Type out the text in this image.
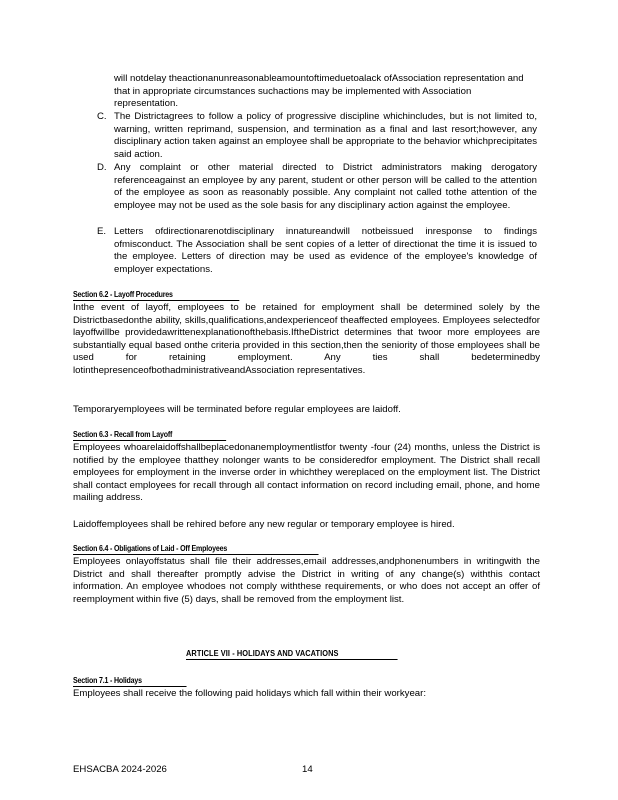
will notdelay theactionanunreasonableamountoftimeduetoalack ofAssociation representation and that in appropriate circumstances suchactions may be implemented with Association representation.

C. The Districtagrees to follow a policy of progressive discipline whichincludes, but is not limited to, warning, written reprimand, suspension, and termination as a final and last resort;however, any disciplinary action taken against an employee shall be appropriate to the behavior whichprecipitates said action.

D. Any complaint or other material directed to District administrators making derogatory referenceagainst an employee by any parent, student or other person will be called to the attention of the employee as soon as reasonably possible. Any complaint not called tothe attention of the employee may not be used as the sole basis for any disciplinary action against the employee.

E. Letters ofdirectionarenotdisciplinary innatureandwill notbeissued inresponse to findings ofmisconduct. The Association shall be sent copies of a letter of directionat the time it is issued to the employee. Letters of direction may be used as evidence of the employee's knowledge of employer expectations.

Section 6.2 - Layoff Procedures

Inthe event of layoff, employees to be retained for employment shall be determined solely by the Districtbasedonthe ability, skills,qualifications,andexperienceof theaffected employees. Employees selectedfor layoffwillbe providedawrittenexplanationofthebasis.IftheDistrict determines that twoor more employees are substantially equal based onthe criteria provided in this section,then the seniority of those employees shall be used for retaining employment. Any ties shall bedeterminedby lotinthepresenceofbothadministrativeandAssociation representatives.

Temporaryemployees will be terminated before regular employees are laidoff.

Section 6.3 - Recall from Layoff

Employees whoarelaidoffshallbeplacedonanemploymentlistfor twenty -four (24) months, unless the District is notified by the employee thatthey nolonger wants to be consideredfor employment. The District shall recall employees for employment in the inverse order in whichthey wereplaced on the employment list. The District shall contact employees for recall through all contact information on record including email, phone, and home mailing address.

Laidoffemployees shall be rehired before any new regular or temporary employee is hired.

Section 6.4 - Obligations of Laid - Off Employees

Employees onlayoffstatus shall file their addresses,email addresses,andphonenumbers in writingwith the District and shall thereafter promptly advise the District in writing of any change(s) withthis contact information. An employee whodoes not comply withthese requirements, or who does not accept an offer of reemployment within five (5) days, shall be removed from the employment list.

ARTICLE VII - HOLIDAYS AND VACATIONS
Section 7.1 - Holidays

Employees shall receive the following paid holidays which fall within their workyear:

EHSACBA 2024-2026	14
